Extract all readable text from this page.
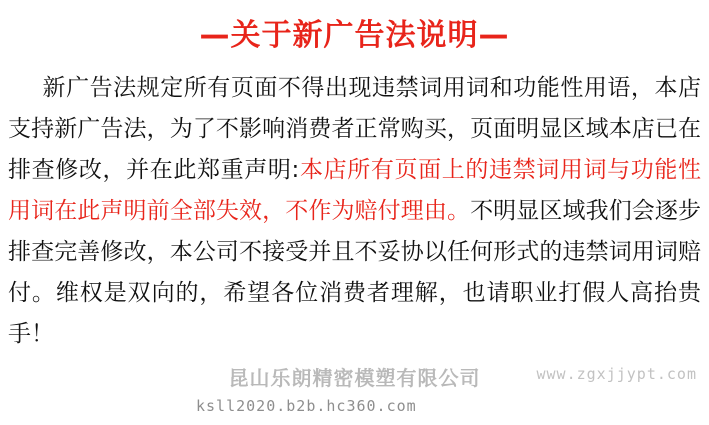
—关于新广告法说明—
新广告法规定所有页面不得出现违禁词用词和功能性用语，本店支持新广告法，为了不影响消费者正常购买，页面明显区域本店已在排查修改，并在此郑重声明:本店所有页面上的违禁词用词与功能性用词在此声明前全部失效，不作为赔付理由。不明显区域我们会逐步排查完善修改，本公司不接受并且不妥协以任何形式的违禁词用词赔付。维权是双向的，希望各位消费者理解，也请职业打假人高抬贵手！
昆山乐朗精密模塑有限公司
ksll2020.b2b.hc360.com
www.zgxjjypt.com
